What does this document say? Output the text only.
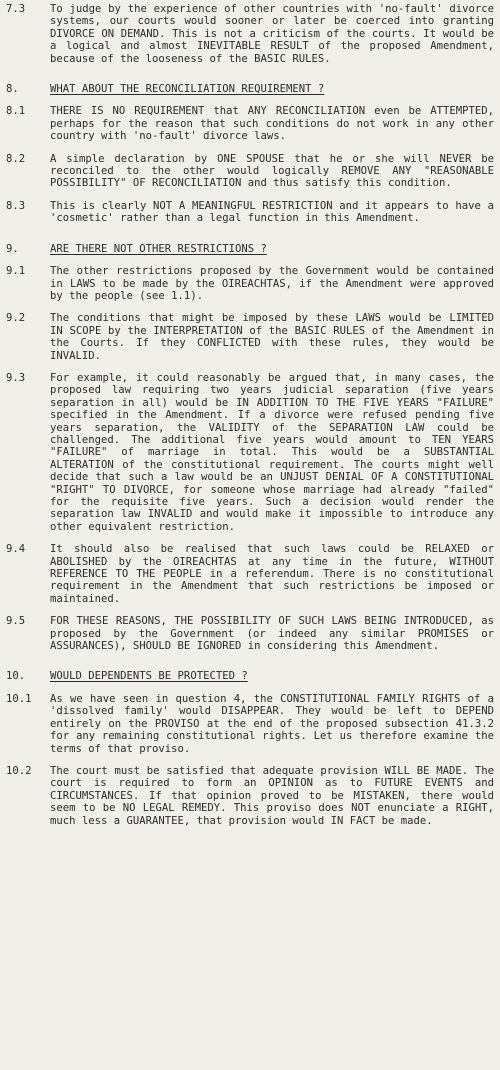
7.3	To judge by the experience of other countries with 'no-fault' divorce systems, our courts would sooner or later be coerced into granting DIVORCE ON DEMAND. This is not a criticism of the courts. It would be a logical and almost INEVITABLE RESULT of the proposed Amendment, because of the looseness of the BASIC RULES.
8.	WHAT ABOUT THE RECONCILIATION REQUIREMENT ?
8.1	THERE IS NO REQUIREMENT that ANY RECONCILIATION even be ATTEMPTED, perhaps for the reason that such conditions do not work in any other country with 'no-fault' divorce laws.
8.2	A simple declaration by ONE SPOUSE that he or she will NEVER be reconciled to the other would logically REMOVE ANY "REASONABLE POSSIBILITY" OF RECONCILIATION and thus satisfy this condition.
8.3	This is clearly NOT A MEANINGFUL RESTRICTION and it appears to have a 'cosmetic' rather than a legal function in this Amendment.
9.	ARE THERE NOT OTHER RESTRICTIONS ?
9.1	The other restrictions proposed by the Government would be contained in LAWS to be made by the OIREACHTAS, if the Amendment were approved by the people (see 1.1).
9.2	The conditions that might be imposed by these LAWS would be LIMITED IN SCOPE by the INTERPRETATION of the BASIC RULES of the Amendment in the Courts. If they CONFLICTED with these rules, they would be INVALID.
9.3	For example, it could reasonably be argued that, in many cases, the proposed law requiring two years judicial separation (five years separation in all) would be IN ADDITION TO THE FIVE YEARS "FAILURE" specified in the Amendment. If a divorce were refused pending five years separation, the VALIDITY of the SEPARATION LAW could be challenged. The additional five years would amount to TEN YEARS "FAILURE" of marriage in total. This would be a SUBSTANTIAL ALTERATION of the constitutional requirement. The courts might well decide that such a law would be an UNJUST DENIAL OF A CONSTITUTIONAL "RIGHT" TO DIVORCE, for someone whose marriage had already "failed" for the requisite five years. Such a decision would render the separation law INVALID and would make it impossible to introduce any other equivalent restriction.
9.4	It should also be realised that such laws could be RELAXED or ABOLISHED by the OIREACHTAS at any time in the future, WITHOUT REFERENCE TO THE PEOPLE in a referendum. There is no constitutional requirement in the Amendment that such restrictions be imposed or maintained.
9.5	FOR THESE REASONS, THE POSSIBILITY OF SUCH LAWS BEING INTRODUCED, as proposed by the Government (or indeed any similar PROMISES or ASSURANCES), SHOULD BE IGNORED in considering this Amendment.
10.	WOULD DEPENDENTS BE PROTECTED ?
10.1	As we have seen in question 4, the CONSTITUTIONAL FAMILY RIGHTS of a 'dissolved family' would DISAPPEAR. They would be left to DEPEND entirely on the PROVISO at the end of the proposed subsection 41.3.2 for any remaining constitutional rights. Let us therefore examine the terms of that proviso.
10.2	The court must be satisfied that adequate provision WILL BE MADE. The court is required to form an OPINION as to FUTURE EVENTS and CIRCUMSTANCES. If that opinion proved to be MISTAKEN, there would seem to be NO LEGAL REMEDY. This proviso does NOT enunciate a RIGHT, much less a GUARANTEE, that provision would IN FACT be made.
